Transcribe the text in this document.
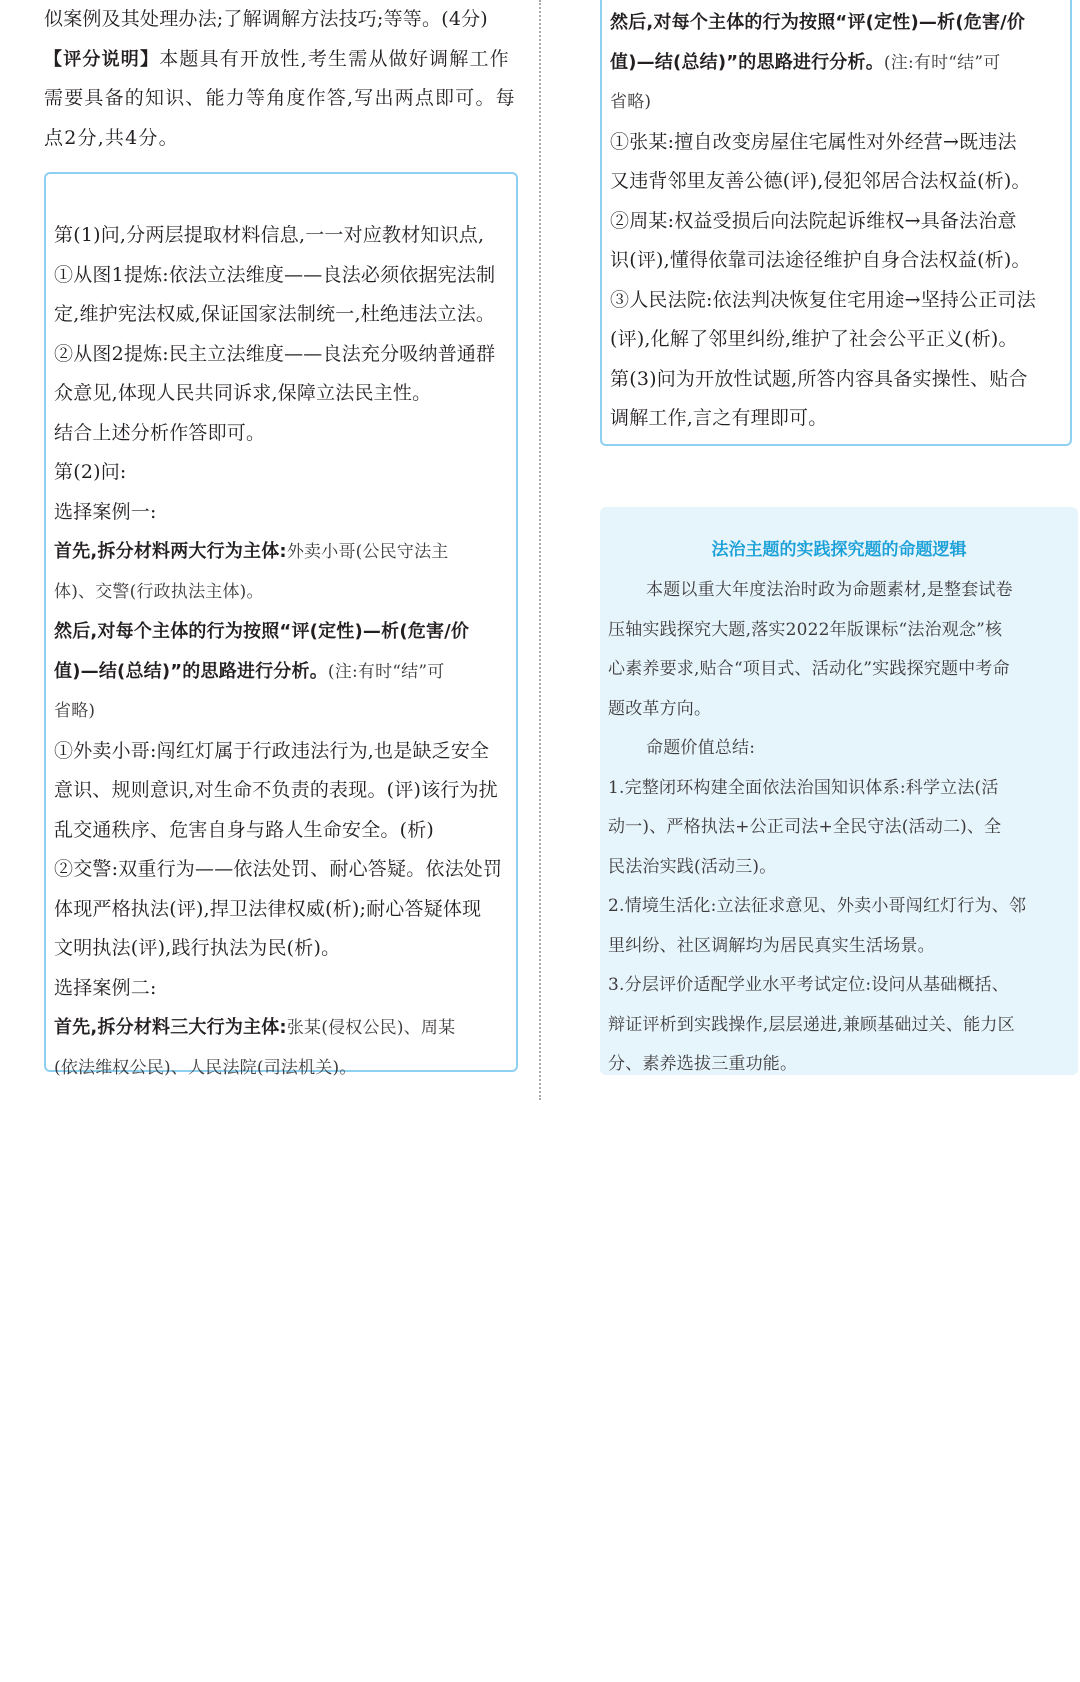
似案例及其处理办法;了解调解方法技巧;等等。(4分)

【评分说明】本题具有开放性,考生需从做好调解工作

需要具备的知识、能力等角度作答,写出两点即可。每

点2分,共4分。

第(1)问,分两层提取材料信息,一一对应教材知识点,

①从图1提炼:依法立法维度——良法必须依据宪法制

定,维护宪法权威,保证国家法制统一,杜绝违法立法。

②从图2提炼:民主立法维度——良法充分吸纳普通群

众意见,体现人民共同诉求,保障立法民主性。

结合上述分析作答即可。

第(2)问:

选择案例一:

首先,拆分材料两大行为主体:外卖小哥(公民守法主

体)、交警(行政执法主体)。

然后,对每个主体的行为按照“评(定性)—析(危害/价

值)—结(总结)”的思路进行分析。(注:有时“结”可

省略)

①外卖小哥:闯红灯属于行政违法行为,也是缺乏安全

意识、规则意识,对生命不负责的表现。(评)该行为扰

乱交通秩序、危害自身与路人生命安全。(析)

②交警:双重行为——依法处罚、耐心答疑。依法处罚

体现严格执法(评),捍卫法律权威(析);耐心答疑体现

文明执法(评),践行执法为民(析)。

选择案例二:

首先,拆分材料三大行为主体:张某(侵权公民)、周某

(依法维权公民)、人民法院(司法机关)。

然后,对每个主体的行为按照“评(定性)—析(危害/价

值)—结(总结)”的思路进行分析。(注:有时“结”可

省略)

①张某:擅自改变房屋住宅属性对外经营→既违法

又违背邻里友善公德(评),侵犯邻居合法权益(析)。

②周某:权益受损后向法院起诉维权→具备法治意

识(评),懂得依靠司法途径维护自身合法权益(析)。

③人民法院:依法判决恢复住宅用途→坚持公正司法

(评),化解了邻里纠纷,维护了社会公平正义(析)。

第(3)问为开放性试题,所答内容具备实操性、贴合

调解工作,言之有理即可。

法治主题的实践探究题的命题逻辑

本题以重大年度法治时政为命题素材,是整套试卷

压轴实践探究大题,落实2022年版课标“法治观念”核

心素养要求,贴合“项目式、活动化”实践探究题中考命

题改革方向。

命题价值总结:

1.完整闭环构建全面依法治国知识体系:科学立法(活

动一)、严格执法+公正司法+全民守法(活动二)、全

民法治实践(活动三)。

2.情境生活化:立法征求意见、外卖小哥闯红灯行为、邻

里纠纷、社区调解均为居民真实生活场景。

3.分层评价适配学业水平考试定位:设问从基础概括、

辩证评析到实践操作,层层递进,兼顾基础过关、能力区

分、素养选拔三重功能。
